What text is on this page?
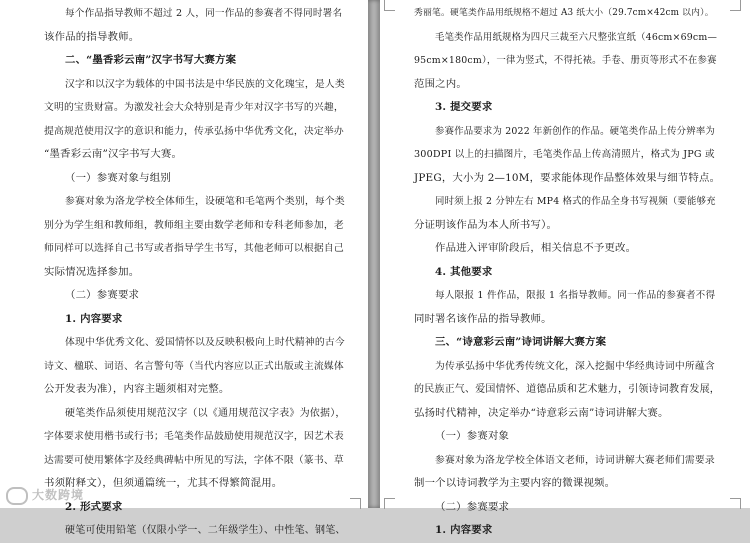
每个作品指导教师不超过 2 人，同一作品的参赛者不得同时署名

该作品的指导教师。

二、“墨香彩云南”汉字书写大赛方案

汉字和以汉字为载体的中国书法是中华民族的文化瑰宝，是人类

文明的宝贵财富。为激发社会大众特别是青少年对汉字书写的兴趣，

提高规范使用汉字的意识和能力，传承弘扬中华优秀文化，决定举办

“墨香彩云南”汉字书写大赛。

（一）参赛对象与组别

参赛对象为洛龙学校全体师生，设硬笔和毛笔两个类别，每个类

别分为学生组和教师组，教师组主要由数学老师和专科老师参加，老

师同样可以选择自己书写或者指导学生书写，其他老师可以根据自己

实际情况选择参加。

（二）参赛要求

1. 内容要求

体现中华优秀文化、爱国情怀以及反映积极向上时代精神的古今

诗文、楹联、词语、名言警句等（当代内容应以正式出版或主流媒体

公开发表为准），内容主题须相对完整。

硬笔类作品须使用规范汉字（以《通用规范汉字表》为依据），

字体要求使用楷书或行书；毛笔类作品鼓励使用规范汉字，因艺术表

达需要可使用繁体字及经典碑帖中所见的写法，字体不限（篆书、草

书须附释文），但须通篇统一，尤其不得繁简混用。

2. 形式要求

硬笔可使用铅笔（仅限小学一、二年级学生）、中性笔、钢笔、

秀丽笔。硬笔类作品用纸规格不超过 A3 纸大小（29.7cm×42cm 以内）。

毛笔类作品用纸规格为四尺三裁至六尺整张宣纸（46cm×69cm—

95cm×180cm），一律为竖式，不得托裱。手卷、册页等形式不在参赛

范围之内。

3. 提交要求

参赛作品要求为 2022 年新创作的作品。硬笔类作品上传分辨率为

300DPI 以上的扫描图片，毛笔类作品上传高清照片，格式为 JPG 或

JPEG，大小为 2—10M，要求能体现作品整体效果与细节特点。

同时须上报 2 分钟左右 MP4 格式的作品全身书写视频（要能够充

分证明该作品为本人所书写）。

作品进入评审阶段后，相关信息不予更改。

4. 其他要求

每人限报 1 件作品，限报 1 名指导教师。同一作品的参赛者不得

同时署名该作品的指导教师。

三、“诗意彩云南”诗词讲解大赛方案

为传承弘扬中华优秀传统文化，深入挖掘中华经典诗词中所蕴含

的民族正气、爱国情怀、道德品质和艺术魅力，引领诗词教育发展，

弘扬时代精神，决定举办“诗意彩云南”诗词讲解大赛。

（一）参赛对象

参赛对象为洛龙学校全体语文老师，诗词讲解大赛老师们需要录

制一个以诗词教学为主要内容的微课视频。

（二）参赛要求

1. 内容要求

大数跨境
